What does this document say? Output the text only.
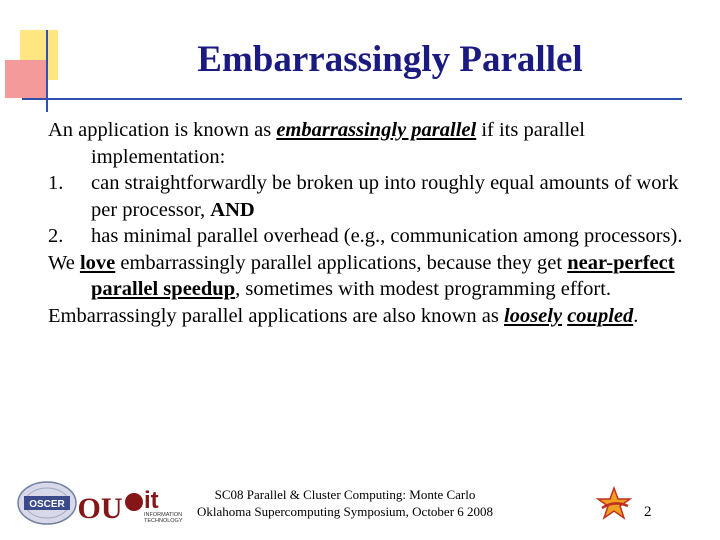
Embarrassingly Parallel

An application is known as embarrassingly parallel if its parallel implementation:

1. can straightforwardly be broken up into roughly equal amounts of work per processor, AND

2. has minimal parallel overhead (e.g., communication among processors).

We love embarrassingly parallel applications, because they get near-perfect parallel speedup, sometimes with modest programming effort.

Embarrassingly parallel applications are also known as loosely coupled.

OSCER OU it
INFORMATION
TECHNOLOGY
SC08 Parallel & Cluster Computing: Monte Carlo
Oklahoma Supercomputing Symposium, October 6 2008	2
